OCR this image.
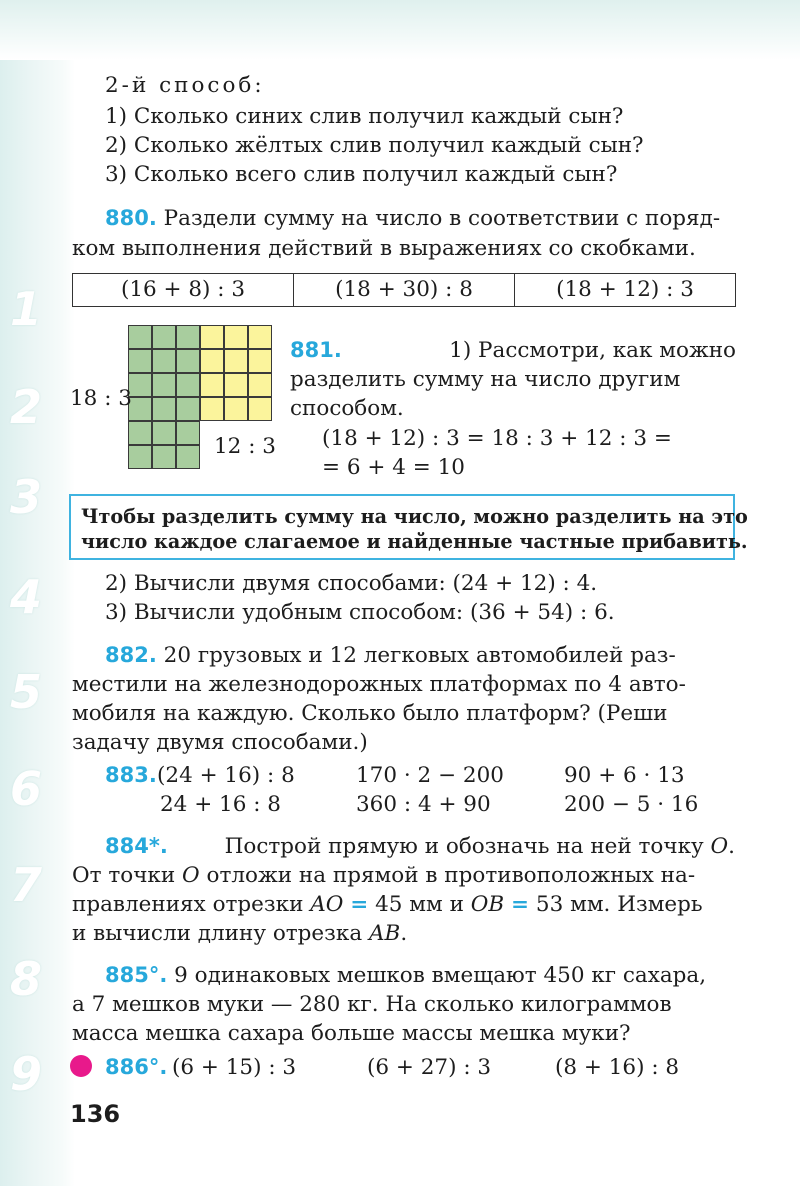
1
2
3
4
5
6
7
8
9
2-й способ:
1) Сколько синих слив получил каждый сын?
2) Сколько жёлтых слив получил каждый сын?
3) Сколько всего слив получил каждый сын?
880. Раздели сумму на число в соответствии с поряд-
ком выполнения действий в выражениях со скобками.
(16 + 8) : 3	(18 + 30) : 8	(18 + 12) : 3
18 : 3
12 : 3
881.	1) Рассмотри, как можно
разделить сумму на число другим
способом.
(18 + 12) : 3 = 18 : 3 + 12 : 3 =
= 6 + 4 = 10
Чтобы разделить сумму на число, можно разделить на это
число каждое слагаемое и найденные частные прибавить.
2) Вычисли двумя способами: (24 + 12) : 4.
3) Вычисли удобным способом: (36 + 54) : 6.
882. 20 грузовых и 12 легковых автомобилей раз-
местили на железнодорожных платформах по 4 авто-
мобиля на каждую. Сколько было платформ? (Реши
задачу двумя способами.)
883. (24 + 16) : 8	170 · 2 − 200	90 + 6 · 13
24 + 16 : 8	360 : 4 + 90	200 − 5 · 16
884*.	Построй прямую и обозначь на ней точку O.
От точки O отложи на прямой в противоположных на-
правлениях отрезки AO = 45 мм и OB = 53 мм. Измерь
и вычисли длину отрезка AB.
885°. 9 одинаковых мешков вмещают 450 кг сахара,
а 7 мешков муки — 280 кг. На сколько килограммов
масса мешка сахара больше массы мешка муки?
886°. (6 + 15) : 3	(6 + 27) : 3	(8 + 16) : 8
136
